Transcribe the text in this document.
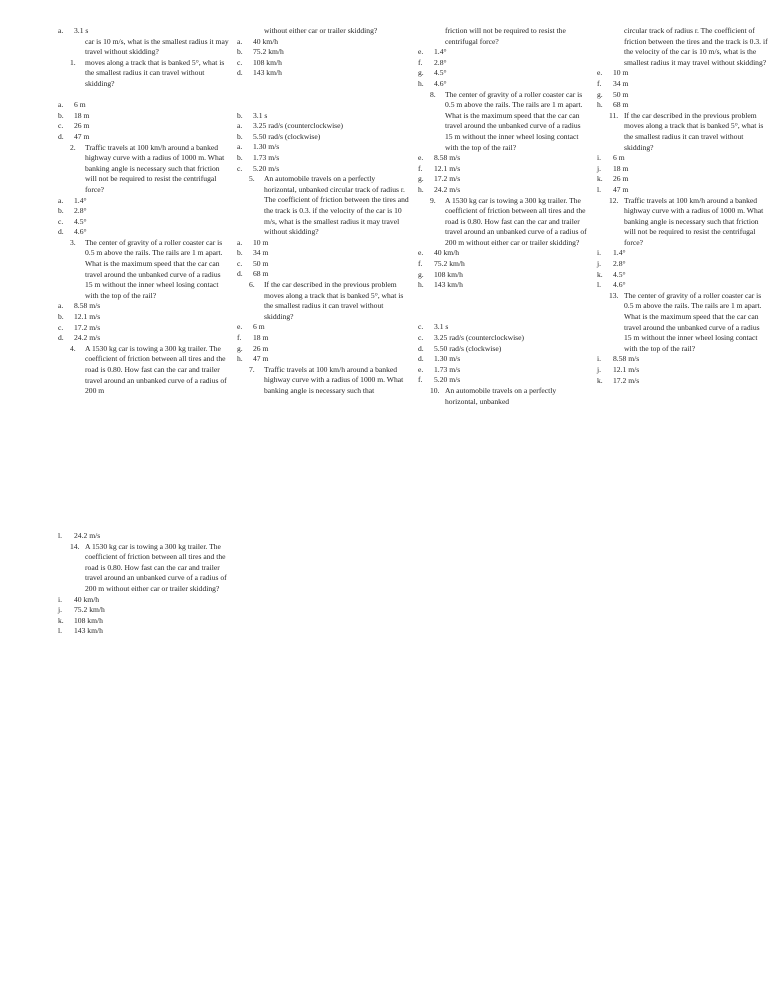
a. 3.1 s
car is 10 m/s, what is the smallest radius it may travel without skidding?
1. moves along a track that is banked 5°, what is the smallest radius it can travel without skidding?
a. 6 m
b. 18 m
c. 26 m
d. 47 m
2. Traffic travels at 100 km/h around a banked highway curve with a radius of 1000 m. What banking angle is necessary such that friction will not be required to resist the centrifugal force?
a. 1.4°
b. 2.8°
c. 4.5°
d. 4.6°
3. The center of gravity of a roller coaster car is 0.5 m above the rails. The rails are 1 m apart. What is the maximum speed that the car can travel around the unbanked curve of a radius 15 m without the inner wheel losing contact with the top of the rail?
a. 8.58 m/s
b. 12.1 m/s
c. 17.2 m/s
d. 24.2 m/s
4. A 1530 kg car is towing a 300 kg trailer. The coefficient of friction between all tires and the road is 0.80. How fast can the car and trailer travel around an unbanked curve of a radius of 200 m
without either car or trailer skidding?
a. 40 km/h
b. 75.2 km/h
c. 108 km/h
d. 143 km/h
b. 3.1 s
a. 3.25 rad/s (counterclockwise)
b. 5.50 rad/s (clockwise)
a. 1.30 m/s
b. 1.73 m/s
c. 5.20 m/s
5. An automobile travels on a perfectly horizontal, unbanked circular track of radius r. The coefficient of friction between the tires and the track is 0.3. if the velocity of the car is 10 m/s, what is the smallest radius it may travel without skidding?
a. 10 m
b. 34 m
c. 50 m
d. 68 m
6. If the car described in the previous problem moves along a track that is banked 5°, what is the smallest radius it can travel without skidding?
e. 6 m
f. 18 m
g. 26 m
h. 47 m
7. Traffic travels at 100 km/h around a banked highway curve with a radius of 1000 m. What banking angle is necessary such that
friction will not be required to resist the centrifugal force?
e. 1.4°
f. 2.8°
g. 4.5°
h. 4.6°
8. The center of gravity of a roller coaster car is 0.5 m above the rails. The rails are 1 m apart. What is the maximum speed that the car can travel around the unbanked curve of a radius 15 m without the inner wheel losing contact with the top of the rail?
e. 8.58 m/s
f. 12.1 m/s
g. 17.2 m/s
h. 24.2 m/s
9. A 1530 kg car is towing a 300 kg trailer. The coefficient of friction between all tires and the road is 0.80. How fast can the car and trailer travel around an unbanked curve of a radius of 200 m without either car or trailer skidding?
e. 40 km/h
f. 75.2 km/h
g. 108 km/h
h. 143 km/h
c. 3.1 s
c. 3.25 rad/s (counterclockwise)
d. 5.50 rad/s (clockwise)
d. 1.30 m/s
e. 1.73 m/s
f. 5.20 m/s
10. An automobile travels on a perfectly horizontal, unbanked
circular track of radius r. The coefficient of friction between the tires and the track is 0.3. if the velocity of the car is 10 m/s, what is the smallest radius it may travel without skidding?
e. 10 m
f. 34 m
g. 50 m
h. 68 m
11. If the car described in the previous problem moves along a track that is banked 5°, what is the smallest radius it can travel without skidding?
i. 6 m
j. 18 m
k. 26 m
l. 47 m
12. Traffic travels at 100 km/h around a banked highway curve with a radius of 1000 m. What banking angle is necessary such that friction will not be required to resist the centrifugal force?
i. 1.4°
j. 2.8°
k. 4.5°
l. 4.6°
13. The center of gravity of a roller coaster car is 0.5 m above the rails. The rails are 1 m apart. What is the maximum speed that the car can travel around the unbanked curve of a radius 15 m without the inner wheel losing contact with the top of the rail?
i. 8.58 m/s
j. 12.1 m/s
k. 17.2 m/s
l. 24.2 m/s
14. A 1530 kg car is towing a 300 kg trailer. The coefficient of friction between all tires and the road is 0.80. How fast can the car and trailer travel around an unbanked curve of a radius of 200 m without either car or trailer skidding?
i. 40 km/h
j. 75.2 km/h
k. 108 km/h
l. 143 km/h
